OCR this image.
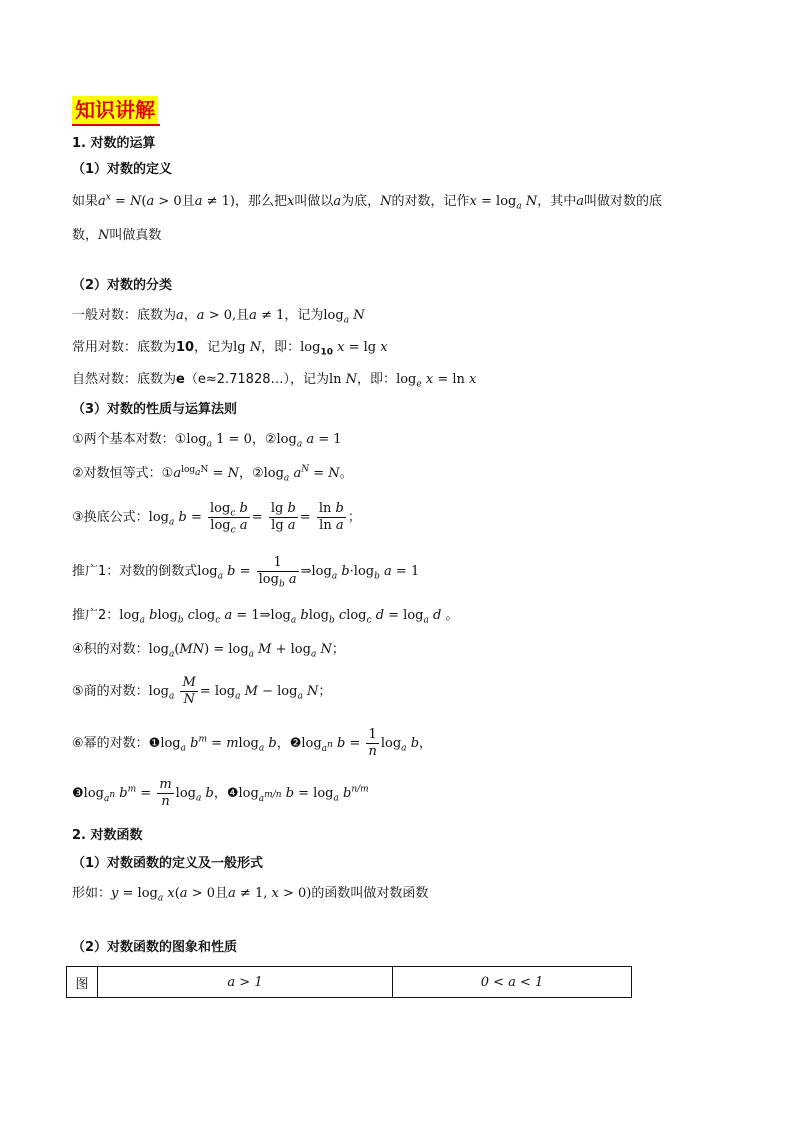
知识讲解
1. 对数的运算
（1）对数的定义
如果$a^x = N(a > 0$且a ≠ 1)，那么把x叫做以a为底，N的对数，记作$x = \log_a N$，其中a叫做对数的底
数，N叫做真数
（2）对数的分类
一般对数：底数为a，a > 0,且a ≠ 1，记为$\log_a N$
常用对数：底数为10，记为lg N，即：$\log_{10} x = \lg x$
自然对数：底数为e（e≈2.71828…），记为ln N，即：$\log_e x = \ln x$
（3）对数的性质与运算法则
①两个基本对数：$①\log_a$ 1 = 0，$②\log_a$ a = 1
②对数恒等式：$①a^{log_aN} = N$，$②\log_a$ $a^N = N$。
③换底公式：$\log_a b = \frac{\log_c b}{\log_c a} = \frac{\text{lg b}}{\text{lg a}} = \frac{\text{ln b}}{\text{ln a}}$ ；
推广1：对数的倒数式$\log_a b = \frac{1}{\log_b a}$ $\Rightarrow\log_a$ $b\cdot\log_b$ a = 1
推广2：$\log_a blog_b$ clog$_c$ $a = 1\Rightarrow\log_a$ blog$_b$ clog$_c$ $d = \log_a d$ 。
④积的对数：$\log_a(MN) = \log_a M + \log_a N$；
⑤商的对数：$\log_a \frac{M}{N} = \log_a M - \log_a N$；
⑥幂的对数：$❶\log_a$ $b^m = mlog_a$ b，$❷\log_{a^n}$ $b = \frac{1}{n} \log_a b$，
$❸\log_{a^n}$ $b^m = \frac{m}{n} \log_a b$，$❹\log_{a^{m/n}}$ $b = \log_a b^{n/m}$
2. 对数函数
（1）对数函数的定义及一般形式
形如：$y = \log_a x(a > 0$且a ≠ 1, x > 0)的函数叫做对数函数
（2）对数函数的图象和性质
图	a > 1	0 < a < 1
